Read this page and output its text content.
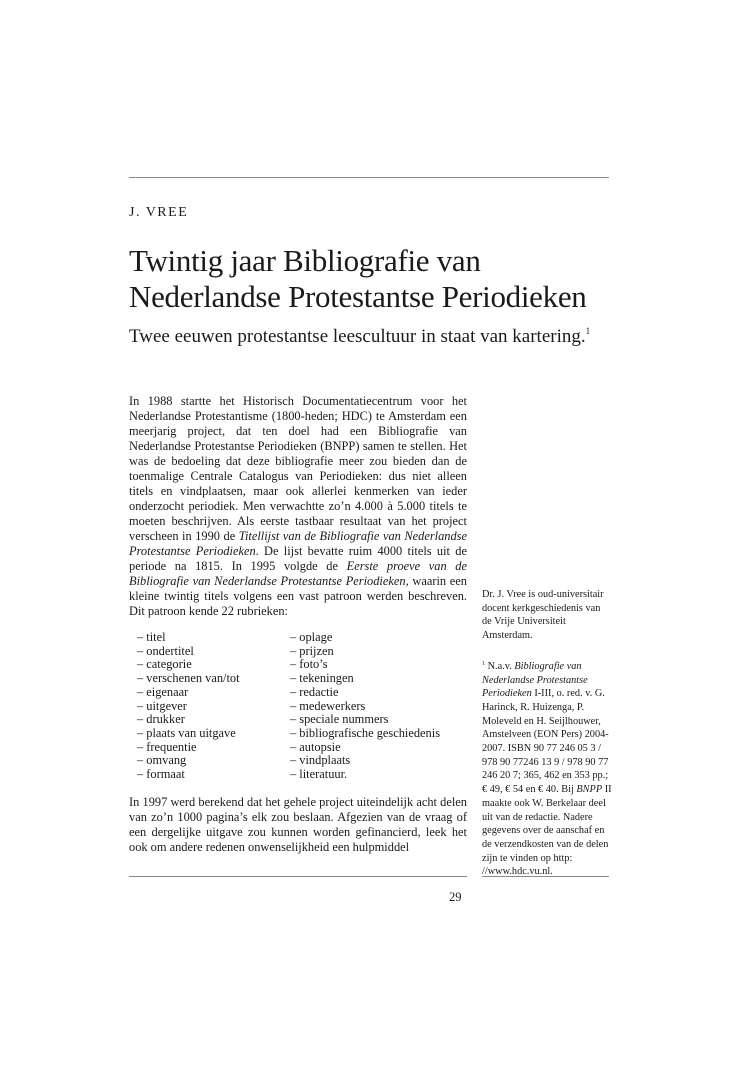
J. VREE
Twintig jaar Bibliografie van
Nederlandse Protestantse Periodieken
Twee eeuwen protestantse leescultuur in staat van kartering.$^1$

In 1988 startte het Historisch Documentatiecentrum voor het Nederlandse Protestantisme (1800-heden; HDC) te Amsterdam een meerjarig project, dat ten doel had een Bibliografie van Nederlandse Protestantse Periodieken (BNPP) samen te stellen. Het was de bedoeling dat deze bibliografie meer zou bieden dan de toenmalige Centrale Catalogus van Periodieken: dus niet alleen titels en vindplaatsen, maar ook allerlei kenmerken van ieder onderzocht periodiek. Men verwachtte zo’n 4.000 à 5.000 titels te moeten beschrijven. Als eerste tastbaar resultaat van het project verscheen in 1990 de Titellijst van de Bibliografie van Nederlandse Protestantse Periodieken. De lijst bevatte ruim 4000 titels uit de periode na 1815. In 1995 volgde de Eerste proeve van de Bibliografie van Nederlandse Protestantse Periodieken, waarin een kleine twintig titels volgens een vast patroon werden beschreven. Dit patroon kende 22 rubrieken:

– titel
– ondertitel
– categorie
– verschenen van/tot
– eigenaar
– uitgever
– drukker
– plaats van uitgave
– frequentie
– omvang
– formaat
– oplage
– prijzen
– foto’s
– tekeningen
– redactie
– medewerkers
– speciale nummers
– bibliografische geschiedenis
– autopsie
– vindplaats
– literatuur.

In 1997 werd berekend dat het gehele project uiteindelijk acht delen van zo’n 1000 pagina’s elk zou beslaan. Afgezien van de vraag of een dergelijke uitgave zou kunnen worden gefinancierd, leek het ook om andere redenen onwenselijkheid een hulpmiddel

Dr. J. Vree is oud-universitair docent kerkgeschiedenis van de Vrije Universiteit Amsterdam.

$^1$ N.a.v. Bibliografie van Nederlandse Protestantse Periodieken I-III, o. red. v. G. Harinck, R. Huizenga, P. Moleveld en H. Seijlhouwer, Amstelveen (EON Pers) 2004-2007. ISBN 90 77 246 05 3 / 978 90 77246 13 9 / 978 90 77 246 20 7; 365, 462 en 353 pp.; € 49, € 54 en € 40. Bij BNPP II maakte ook W. Berkelaar deel uit van de redactie. Nadere gegevens over de aanschaf en de verzendkosten van de delen zijn te vinden op http: //www.hdc.vu.nl.

29
